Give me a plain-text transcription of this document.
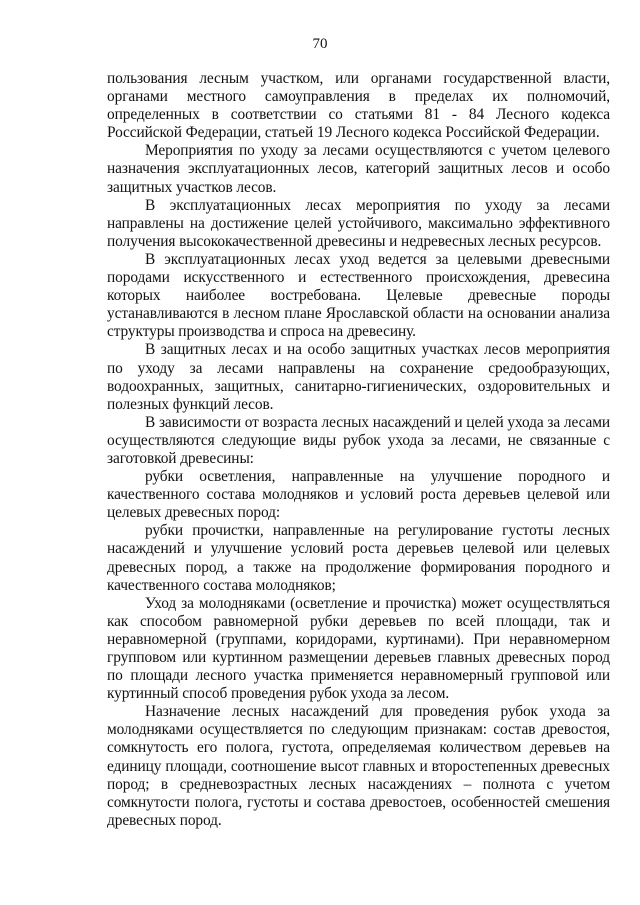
70

пользования лесным участком, или органами государственной власти, органами местного самоуправления в пределах их полномочий, определенных в соответствии со статьями 81 - 84 Лесного кодекса Российской Федерации, статьей 19 Лесного кодекса Российской Федерации.

Мероприятия по уходу за лесами осуществляются с учетом целевого назначения эксплуатационных лесов, категорий защитных лесов и особо защитных участков лесов.

В эксплуатационных лесах мероприятия по уходу за лесами направлены на достижение целей устойчивого, максимально эффективного получения высококачественной древесины и недревесных лесных ресурсов.

В эксплуатационных лесах уход ведется за целевыми древесными породами искусственного и естественного происхождения, древесина которых наиболее востребована. Целевые древесные породы устанавливаются в лесном плане Ярославской области на основании анализа структуры производства и спроса на древесину.

В защитных лесах и на особо защитных участках лесов мероприятия по уходу за лесами направлены на сохранение средообразующих, водоохранных, защитных, санитарно-гигиенических, оздоровительных и полезных функций лесов.

В зависимости от возраста лесных насаждений и целей ухода за лесами осуществляются следующие виды рубок ухода за лесами, не связанные с заготовкой древесины:

рубки осветления, направленные на улучшение породного и качественного состава молодняков и условий роста деревьев целевой или целевых древесных пород:

рубки прочистки, направленные на регулирование густоты лесных насаждений и улучшение условий роста деревьев целевой или целевых древесных пород, а также на продолжение формирования породного и качественного состава молодняков;

Уход за молодняками (осветление и прочистка) может осуществляться как способом равномерной рубки деревьев по всей площади, так и неравномерной (группами, коридорами, куртинами). При неравномерном групповом или куртинном размещении деревьев главных древесных пород по площади лесного участка применяется неравномерный групповой или куртинный способ проведения рубок ухода за лесом.

Назначение лесных насаждений для проведения рубок ухода за молодняками осуществляется по следующим признакам: состав древостоя, сомкнутость его полога, густота, определяемая количеством деревьев на единицу площади, соотношение высот главных и второстепенных древесных пород; в средневозрастных лесных насаждениях – полнота с учетом сомкнутости полога, густоты и состава древостоев, особенностей смешения древесных пород.
